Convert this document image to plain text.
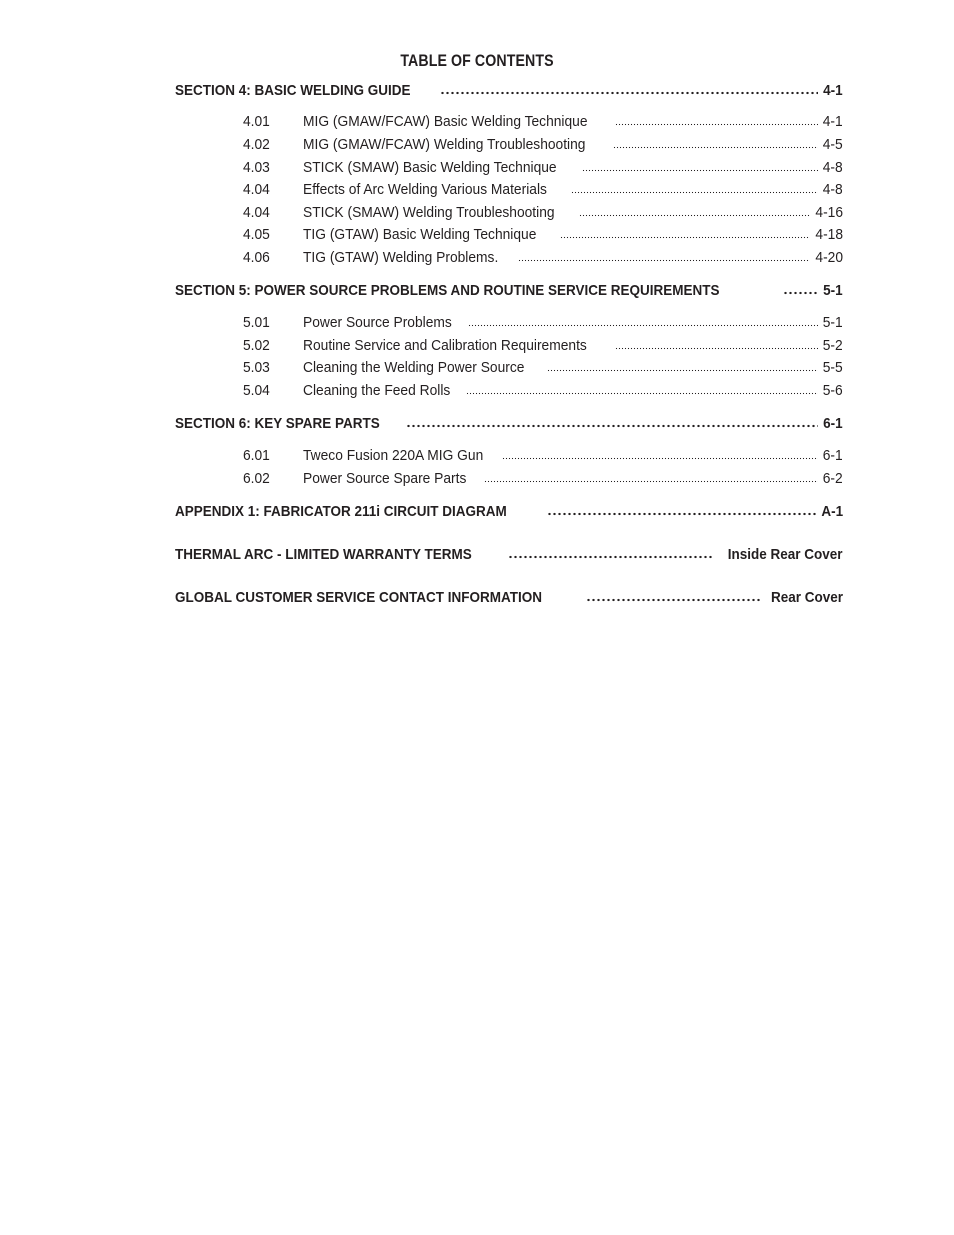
TABLE OF CONTENTS
SECTION 4: BASIC WELDING GUIDE	4-1
4.01	MIG (GMAW/FCAW) Basic Welding Technique	4-1
4.02	MIG (GMAW/FCAW) Welding Troubleshooting	4-5
4.03	STICK (SMAW) Basic Welding Technique	4-8
4.04	Effects of Arc Welding Various Materials	4-8
4.04	STICK (SMAW) Welding Troubleshooting	4-16
4.05	TIG (GTAW) Basic Welding Technique	4-18
4.06	TIG (GTAW) Welding Problems.	4-20
SECTION 5: POWER SOURCE PROBLEMS AND ROUTINE SERVICE REQUIREMENTS	5-1
5.01	Power Source Problems	5-1
5.02	Routine Service and Calibration Requirements	5-2
5.03	Cleaning the Welding Power Source	5-5
5.04	Cleaning the Feed Rolls	5-6
SECTION 6: KEY SPARE PARTS	6-1
6.01	Tweco Fusion 220A MIG Gun	6-1
6.02	Power Source Spare Parts	6-2
APPENDIX 1: FABRICATOR 211i CIRCUIT DIAGRAM	A-1
THERMAL ARC - LIMITED WARRANTY TERMS	Inside Rear Cover
GLOBAL CUSTOMER SERVICE CONTACT INFORMATION	Rear Cover
